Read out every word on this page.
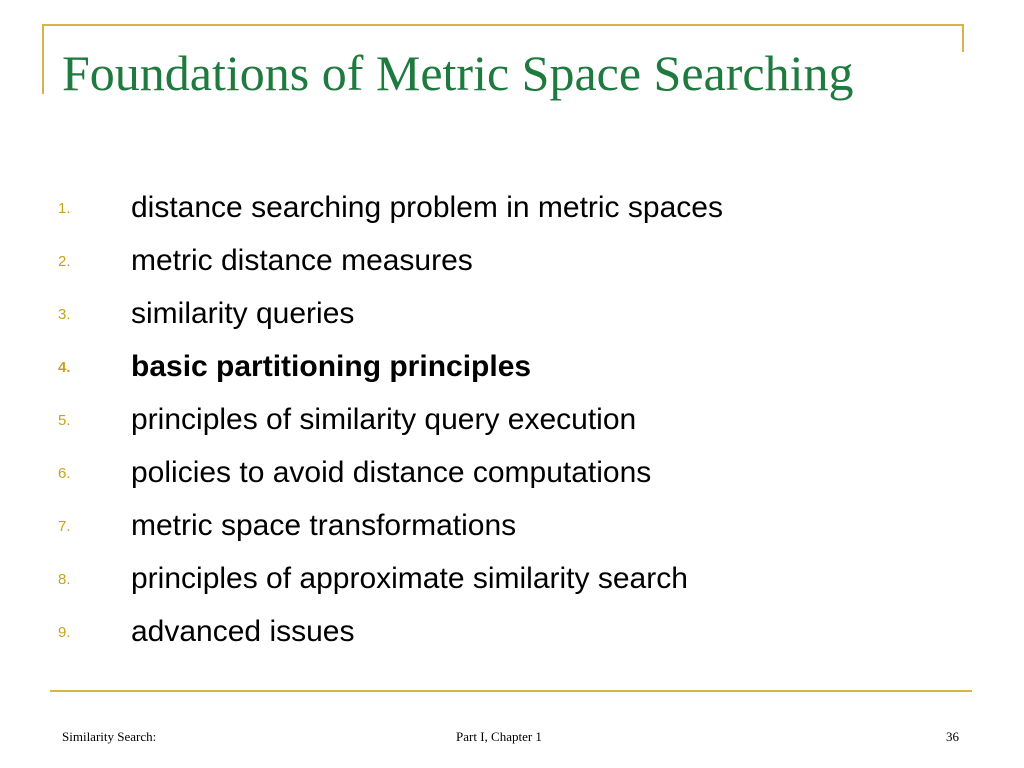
Foundations of Metric Space Searching
1. distance searching problem in metric spaces
2. metric distance measures
3. similarity queries
4. basic partitioning principles
5. principles of similarity query execution
6. policies to avoid distance computations
7. metric space transformations
8. principles of approximate similarity search
9. advanced issues
Similarity Search:	Part I, Chapter 1	36
